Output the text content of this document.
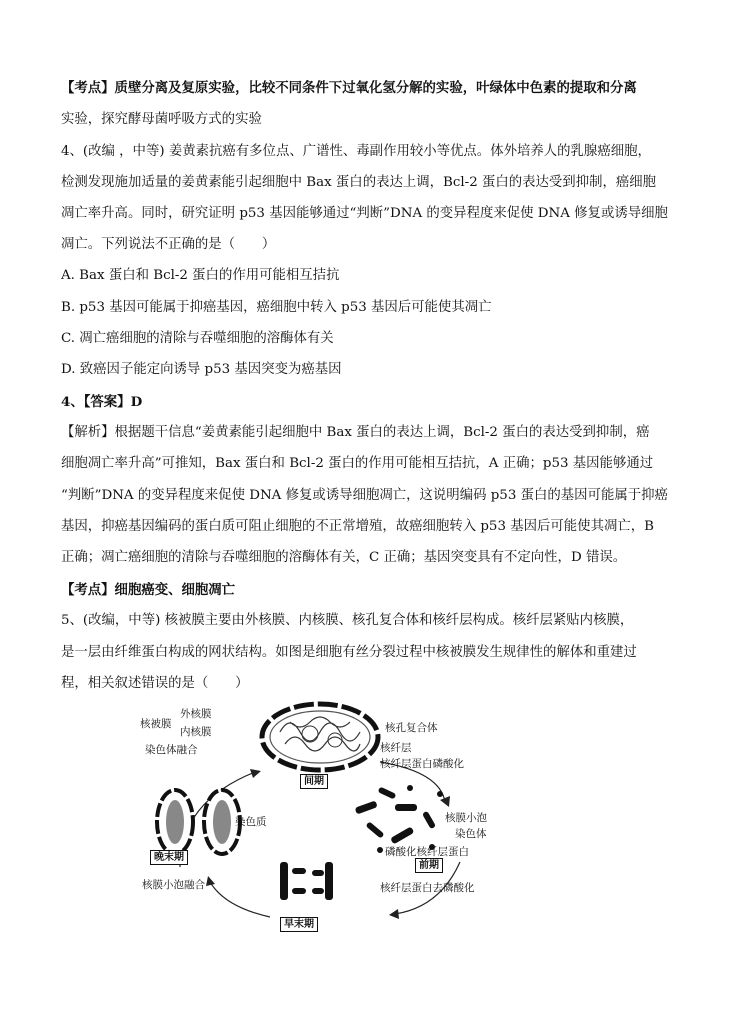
【考点】质壁分离及复原实验，比较不同条件下过氧化氢分解的实验，叶绿体中色素的提取和分离
实验，探究酵母菌呼吸方式的实验
4、(改编 ，中等) 姜黄素抗癌有多位点、广谱性、毒副作用较小等优点。体外培养人的乳腺癌细胞，
检测发现施加适量的姜黄素能引起细胞中 Bax 蛋白的表达上调，Bcl-2 蛋白的表达受到抑制，癌细胞
凋亡率升高。同时，研究证明 p53 基因能够通过“判断”DNA 的变异程度来促使 DNA 修复或诱导细胞
凋亡。下列说法不正确的是（　　）
A. Bax 蛋白和 Bcl-2 蛋白的作用可能相互拮抗
B. p53 基因可能属于抑癌基因，癌细胞中转入 p53 基因后可能使其凋亡
C. 凋亡癌细胞的清除与吞噬细胞的溶酶体有关
D. 致癌因子能定向诱导 p53 基因突变为癌基因
4、【答案】D
【解析】根据题干信息“姜黄素能引起细胞中 Bax 蛋白的表达上调，Bcl-2 蛋白的表达受到抑制，癌
细胞凋亡率升高”可推知，Bax 蛋白和 Bcl-2 蛋白的作用可能相互拮抗，A 正确；p53 基因能够通过
“判断”DNA 的变异程度来促使 DNA 修复或诱导细胞凋亡，这说明编码 p53 蛋白的基因可能属于抑癌
基因，抑癌基因编码的蛋白质可阻止细胞的不正常增殖，故癌细胞转入 p53 基因后可能使其凋亡，B
正确；凋亡癌细胞的清除与吞噬细胞的溶酶体有关，C 正确；基因突变具有不定向性，D 错误。
【考点】细胞癌变、细胞凋亡
5、(改编，中等) 核被膜主要由外核膜、内核膜、核孔复合体和核纤层构成。核纤层紧贴内核膜，
是一层由纤维蛋白构成的网状结构。如图是细胞有丝分裂过程中核被膜发生规律性的解体和重建过
程，相关叙述错误的是（　　）
核被膜
外核膜
内核膜
染色体融合
染色质
核孔复合体
核纤层
核纤层蛋白磷酸化
核膜小泡
染色体
磷酸化核纤层蛋白
核膜小泡融合	核纤层蛋白去磷酸化
间期
前期
早末期
晚末期
